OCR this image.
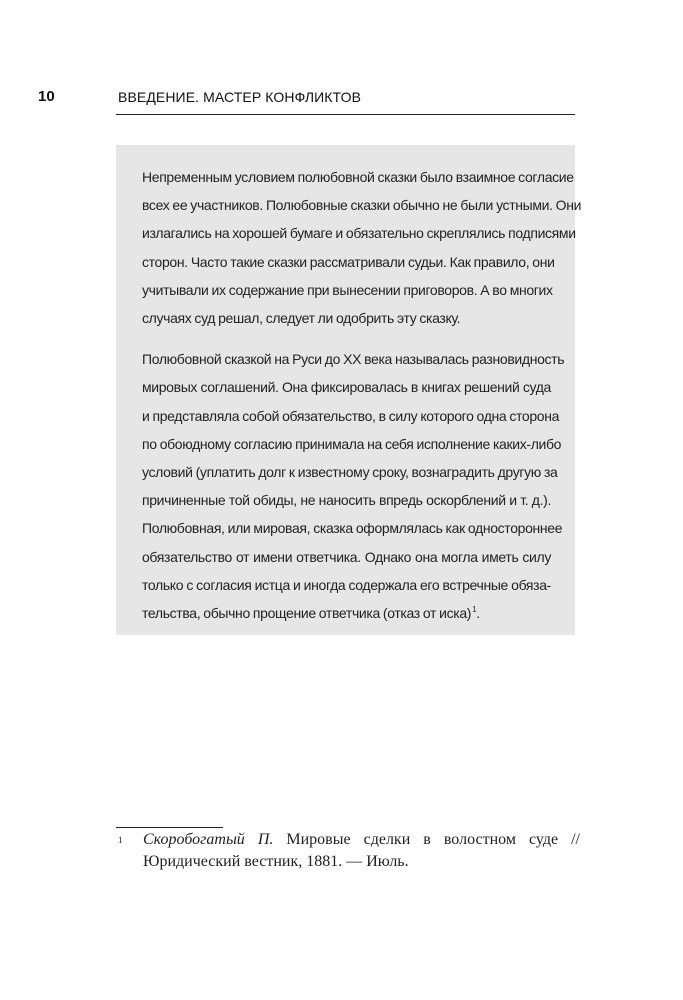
10	ВВЕДЕНИЕ. МАСТЕР КОНФЛИКТОВ

Непременным условием полюбовной сказки было взаимное согласие
всех ее участников. Полюбовные сказки обычно не были устными. Они
излагались на хорошей бумаге и обязательно скреплялись подписями
сторон. Часто такие сказки рассматривали судьи. Как правило, они
учитывали их содержание при вынесении приговоров. А во многих
случаях суд решал, следует ли одобрить эту сказку.

Полюбовной сказкой на Руси до XX века называлась разновидность
мировых соглашений. Она фиксировалась в книгах решений суда
и представляла собой обязательство, в силу которого одна сторона
по обоюдному согласию принимала на себя исполнение каких-либо
условий (уплатить долг к известному сроку, вознаградить другую за
причиненные той обиды, не наносить впредь оскорблений и т. д.).
Полюбовная, или мировая, сказка оформлялась как одностороннее
обязательство от имени ответчика. Однако она могла иметь силу
только с согласия истца и иногда содержала его встречные обяза-
тельства, обычно прощение ответчика (отказ от иска)$^1$.

1 Скоробогатый П. Мировые сделки в волостном суде //
Юридический вестник, 1881. — Июль.
